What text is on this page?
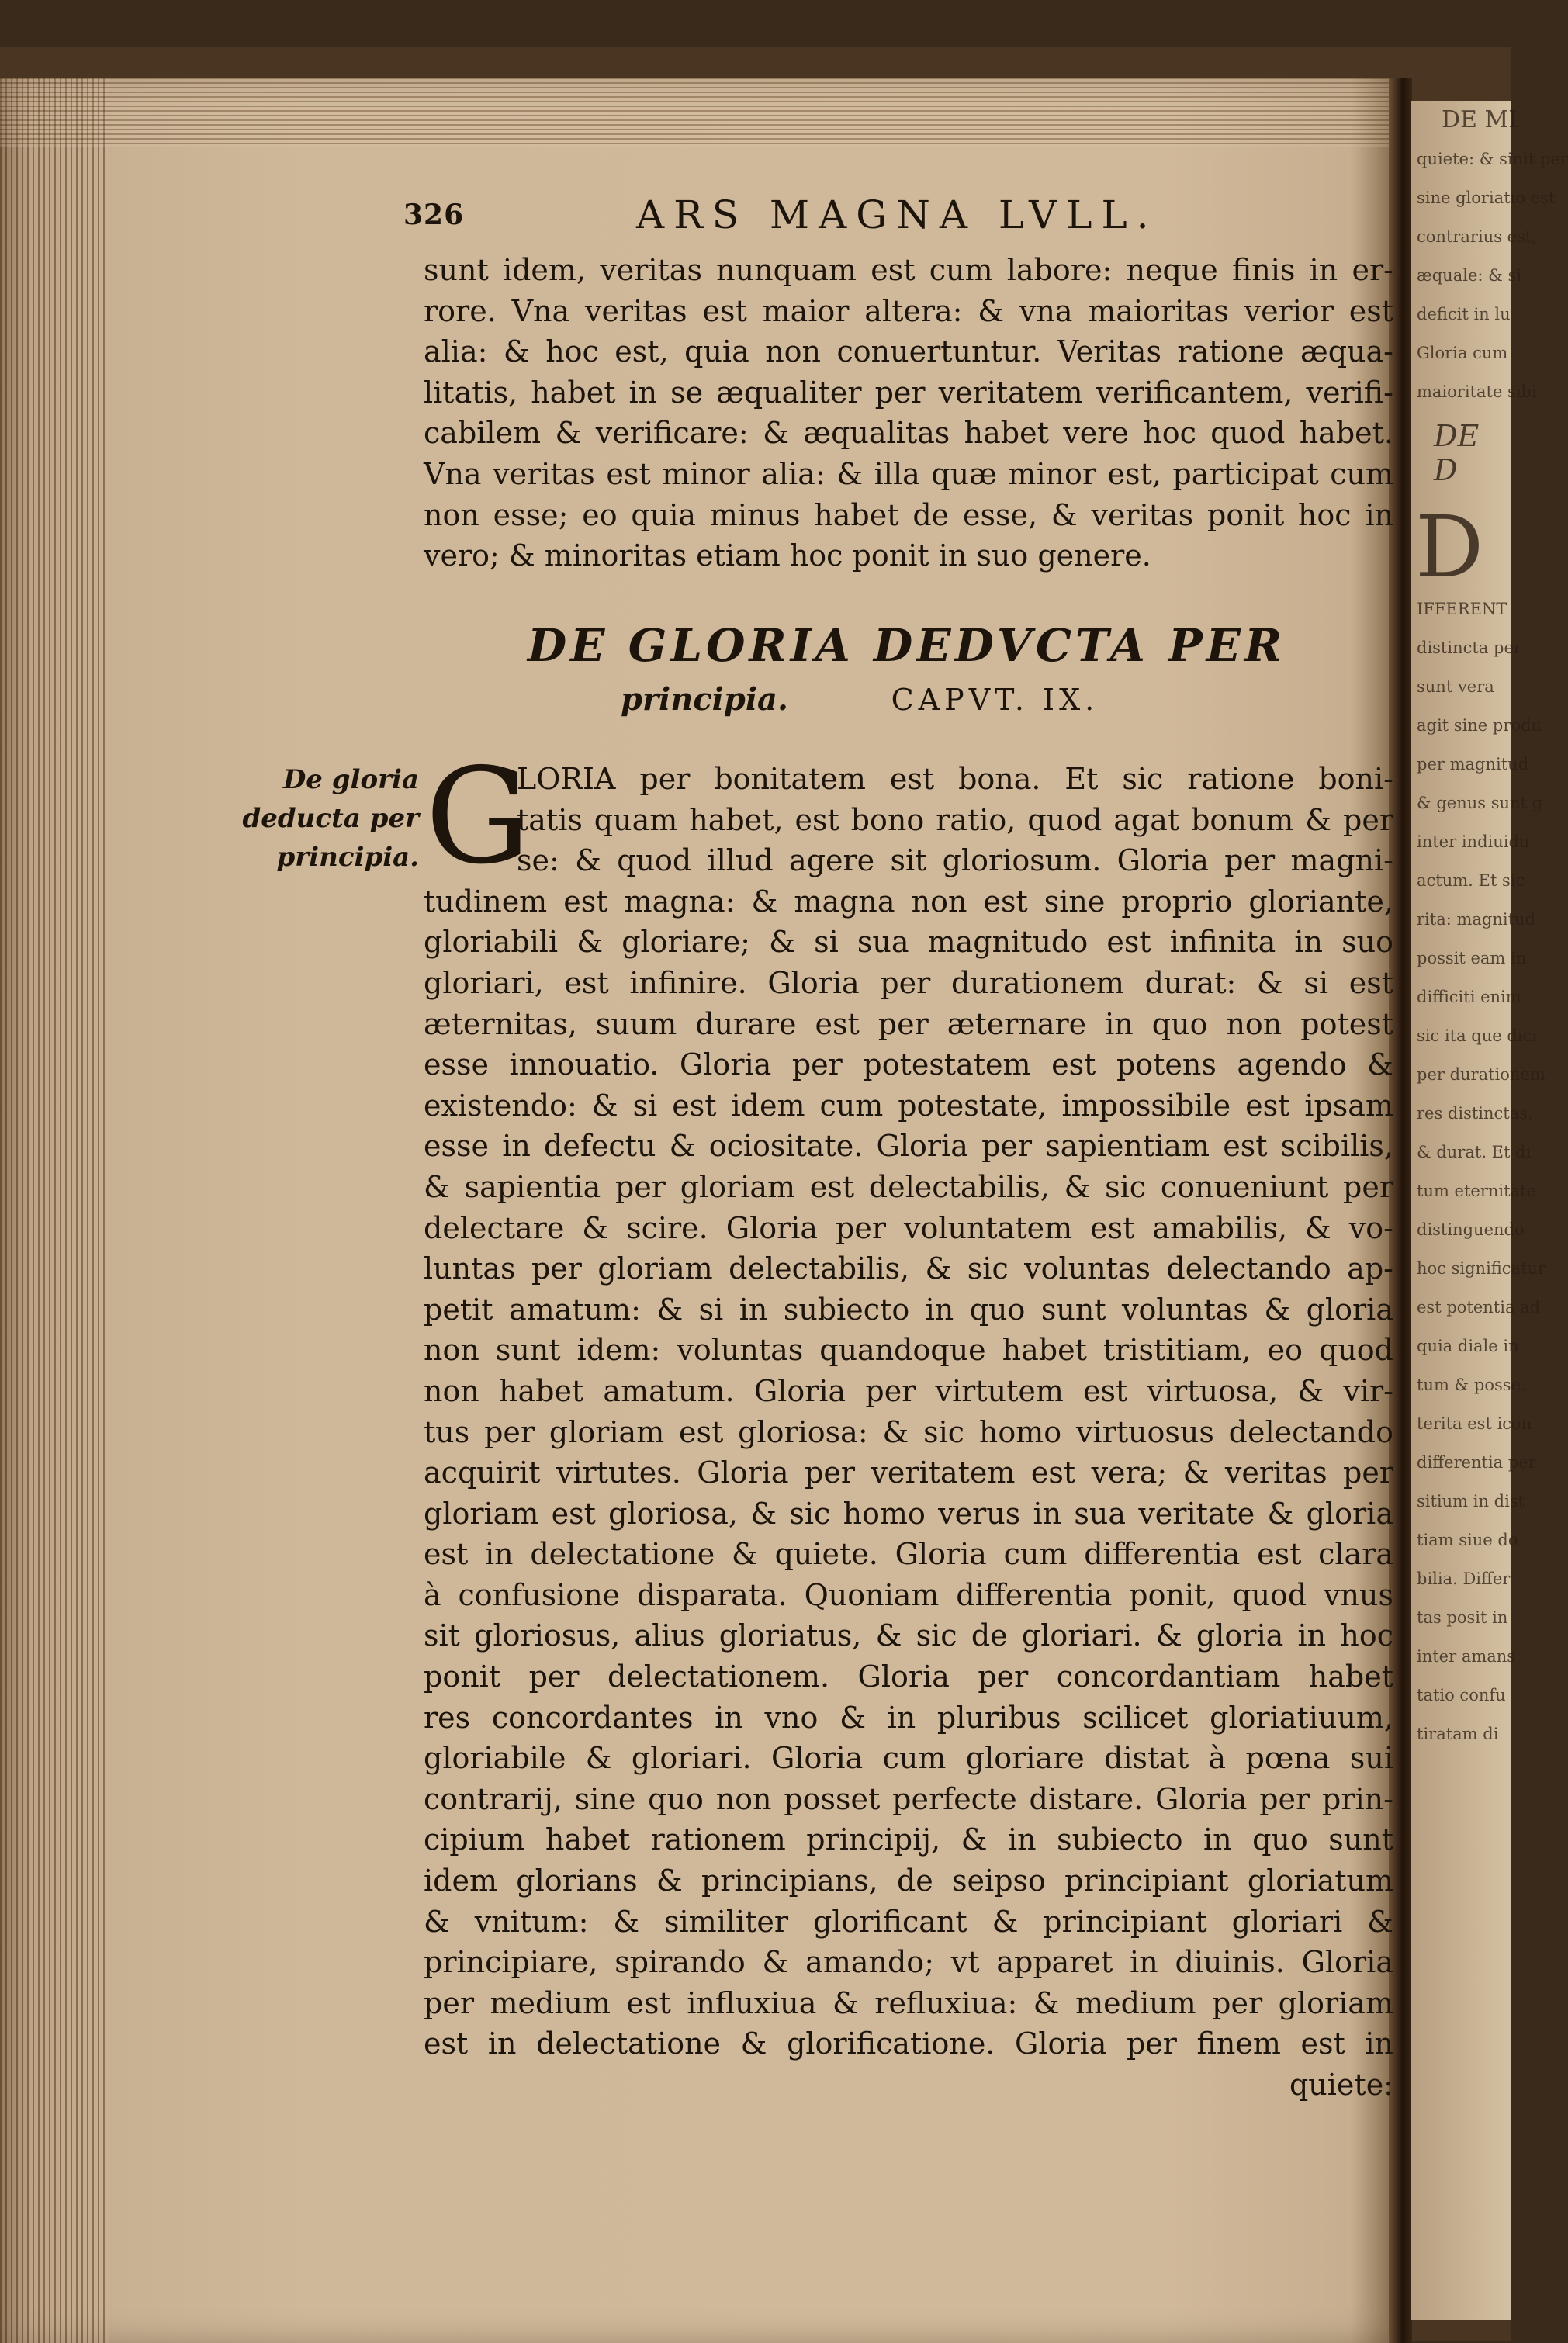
DE MI
quiete: & sinit per
sine gloriatio est
contrarius est,
æquale: & si
deficit in lu
Gloria cum
maioritate sibi
DE D
D
IFFERENT
distincta per
sunt vera
agit sine produ
per magnitud
& genus sunt g
inter indiuidu
actum. Et sic
rita: magnitud
possit eam in
difficiti enim
sic ita que dici
per durationem
res distinctas,
& durat. Et di
tum eternitate
distinguendo
hoc significatur
est potentia ad
quia diale in
tum & posse.
terita est icon
differentia per
sitium in dist
tiam siue do
bilia. Differ
tas posit in
inter amans
tatio confu
tiratam di
326	ARS MAGNA LVLL.
sunt idem, veritas nunquam est cum labore: neque finis in er-
rore. Vna veritas est maior altera: & vna maioritas verior est
alia: & hoc est, quia non conuertuntur. Veritas ratione æqua-
litatis, habet in se æqualiter per veritatem verificantem, verifi-
cabilem & verificare: & æqualitas habet vere hoc quod habet.
Vna veritas est minor alia: & illa quæ minor est, participat cum
non esse; eo quia minus habet de esse, & veritas ponit hoc in
vero; & minoritas etiam hoc ponit in suo genere.
DE GLORIA DEDVCTA PER
principia.	CAPVT. IX.
De gloria
deducta per
principia. G
LORIA per bonitatem est bona. Et sic ratione boni-
tatis quam habet, est bono ratio, quod agat bonum & per
se: & quod illud agere sit gloriosum. Gloria per magni-
tudinem est magna: & magna non est sine proprio gloriante,
gloriabili & gloriare; & si sua magnitudo est infinita in suo
gloriari, est infinire. Gloria per durationem durat: & si est
æternitas, suum durare est per æternare in quo non potest
esse innouatio. Gloria per potestatem est potens agendo &
existendo: & si est idem cum potestate, impossibile est ipsam
esse in defectu & ociositate. Gloria per sapientiam est scibilis,
& sapientia per gloriam est delectabilis, & sic conueniunt per
delectare & scire. Gloria per voluntatem est amabilis, & vo-
luntas per gloriam delectabilis, & sic voluntas delectando ap-
petit amatum: & si in subiecto in quo sunt voluntas & gloria
non sunt idem: voluntas quandoque habet tristitiam, eo quod
non habet amatum. Gloria per virtutem est virtuosa, & vir-
tus per gloriam est gloriosa: & sic homo virtuosus delectando
acquirit virtutes. Gloria per veritatem est vera; & veritas per
gloriam est gloriosa, & sic homo verus in sua veritate & gloria
est in delectatione & quiete. Gloria cum differentia est clara
à confusione disparata. Quoniam differentia ponit, quod vnus
sit gloriosus, alius gloriatus, & sic de gloriari. & gloria in hoc
ponit per delectationem. Gloria per concordantiam habet
res concordantes in vno & in pluribus scilicet gloriatiuum,
gloriabile & gloriari. Gloria cum gloriare distat à pœna sui
contrarij, sine quo non posset perfecte distare. Gloria per prin-
cipium habet rationem principij, & in subiecto in quo sunt
idem glorians & principians, de seipso principiant gloriatum
& vnitum: & similiter glorificant & principiant gloriari &
principiare, spirando & amando; vt apparet in diuinis. Gloria
per medium est influxiua & refluxiua: & medium per gloriam
est in delectatione & glorificatione. Gloria per finem est in
quiete:
